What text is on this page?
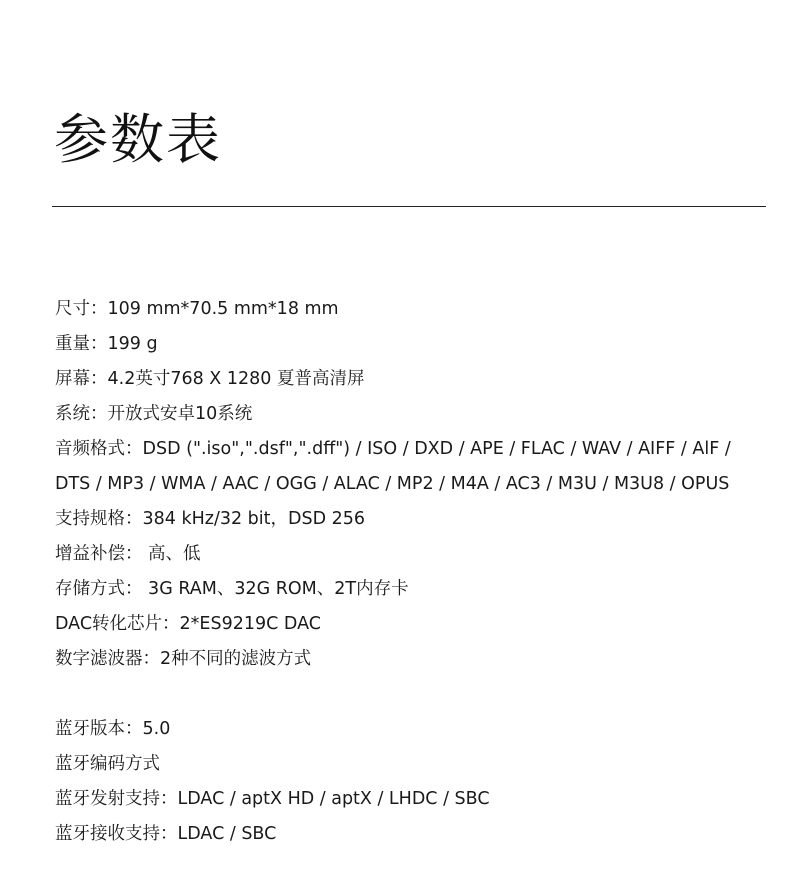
参数表
尺寸：109 mm*70.5 mm*18 mm
重量：199 g
屏幕：4.2英寸768 X 1280 夏普高清屏
系统：开放式安卓10系统
音频格式：DSD (".iso",".dsf",".dff") / ISO / DXD / APE / FLAC / WAV / AIFF / AlF /
DTS / MP3 / WMA / AAC / OGG / ALAC / MP2 / M4A / AC3 / M3U / M3U8 / OPUS
支持规格：384 kHz/32 bit，DSD 256
增益补偿： 高、低
存储方式： 3G RAM、32G ROM、2T内存卡
DAC转化芯片：2*ES9219C DAC
数字滤波器：2种不同的滤波方式
蓝牙版本：5.0
蓝牙编码方式
蓝牙发射支持：LDAC / aptX HD / aptX / LHDC / SBC
蓝牙接收支持：LDAC / SBC
